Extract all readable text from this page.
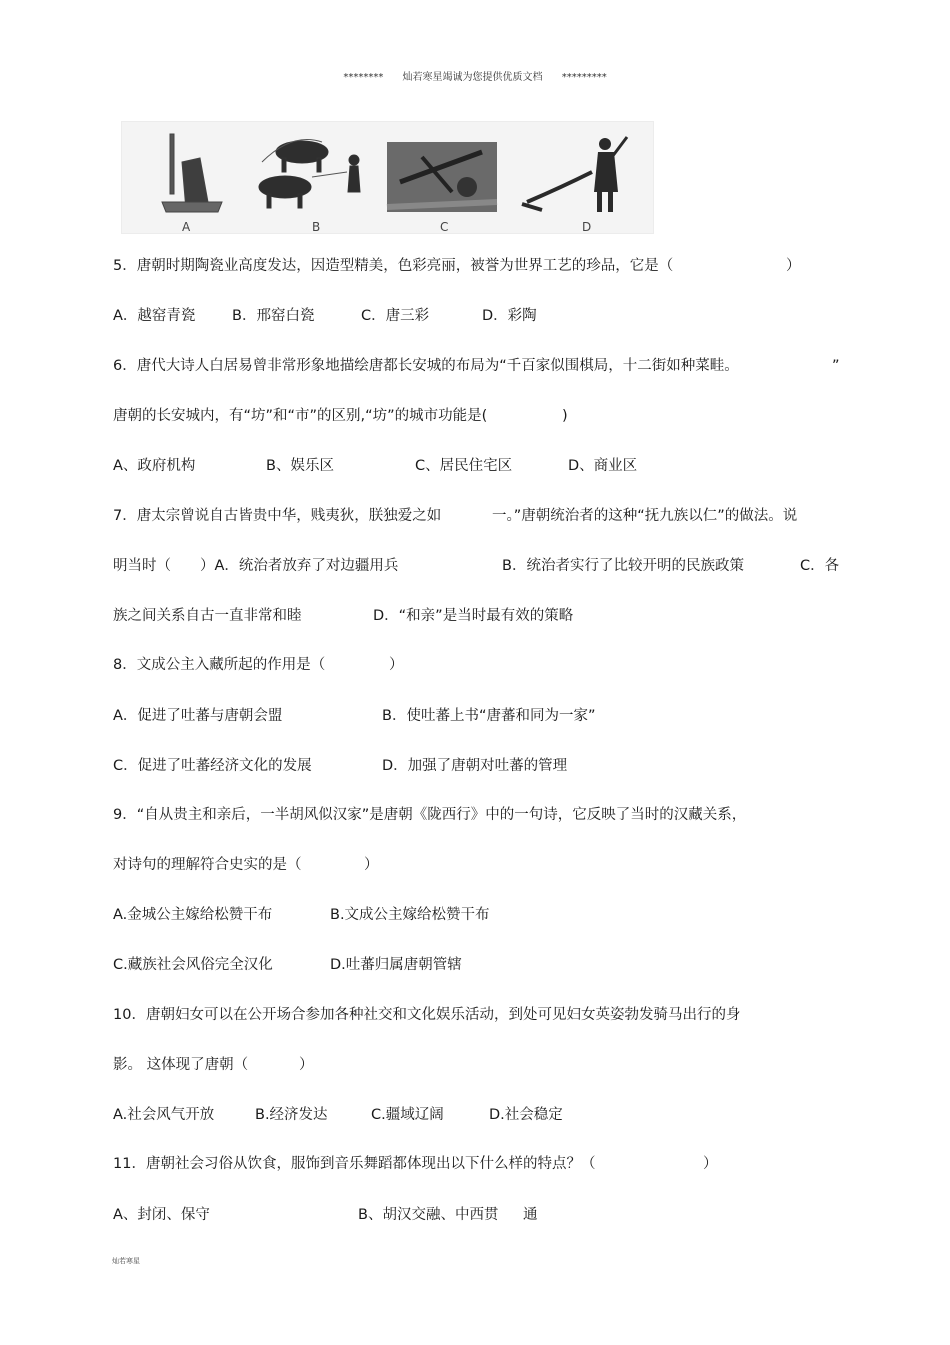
******** 灿若寒星竭诚为您提供优质文档 *********
A	B	C	D
5．唐朝时期陶瓷业高度发达，因造型精美，色彩亮丽，被誉为世界工艺的珍品，它是（	）
A．越窑青瓷	B．邢窑白瓷	C．唐三彩	D．彩陶
6．唐代大诗人白居易曾非常形象地描绘唐都长安城的布局为“千百家似围棋局，十二街如种菜畦。	”
唐朝的长安城内，有“坊”和“市”的区别,“坊”的城市功能是(	)
A、政府机构	B、娱乐区	C、居民住宅区	D、商业区
7．唐太宗曾说自古皆贵中华，贱夷狄，朕独爱之如	一。”唐朝统治者的这种“抚九族以仁”的做法。说
明当时（　　）A．统治者放弃了对边疆用兵	B．统治者实行了比较开明的民族政策	C．各
族之间关系自古一直非常和睦	D．“和亲”是当时最有效的策略
8．文成公主入藏所起的作用是（	）
A．促进了吐蕃与唐朝会盟	B．使吐蕃上书“唐蕃和同为一家”
C．促进了吐蕃经济文化的发展	D．加强了唐朝对吐蕃的管理
9．“自从贵主和亲后，一半胡风似汉家”是唐朝《陇西行》中的一句诗，它反映了当时的汉藏关系，
对诗句的理解符合史实的是（	）
A.金城公主嫁给松赞干布	B.文成公主嫁给松赞干布
C.藏族社会风俗完全汉化	D.吐蕃归属唐朝管辖
10．唐朝妇女可以在公开场合参加各种社交和文化娱乐活动，到处可见妇女英姿勃发骑马出行的身
影。 这体现了唐朝（	）
A.社会风气开放	B.经济发达	C.疆域辽阔	D.社会稳定
11．唐朝社会习俗从饮食，服饰到音乐舞蹈都体现出以下什么样的特点？（	）
A、封闭、保守	B、胡汉交融、中西贯 通
灿若寒星
